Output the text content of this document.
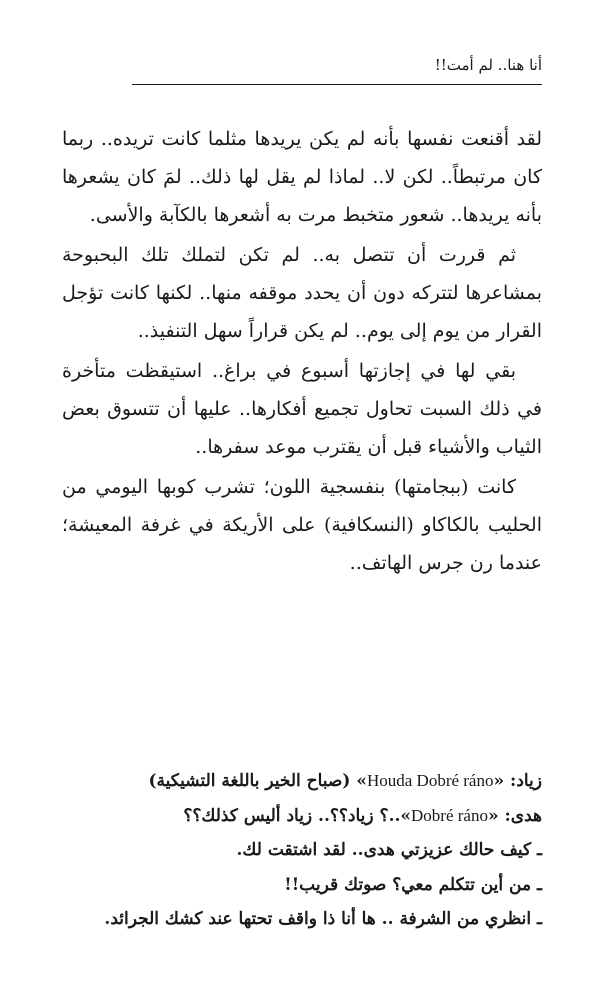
أنا هنا.. لم أمت!!

لقد أقنعت نفسها بأنه لم يكن يريدها مثلما كانت تريده.. ربما كان مرتبطاً.. لكن لا.. لماذا لم يقل لها ذلك.. لمَ كان يشعرها بأنه يريدها.. شعور متخبط مرت به أشعرها بالكآبة والأسى.

ثم قررت أن تتصل به.. لم تكن لتملك تلك البحبوحة بمشاعرها لتتركه دون أن يحدد موقفه منها.. لكنها كانت تؤجل القرار من يوم إلى يوم.. لم يكن قراراً سهل التنفيذ..

بقي لها في إجازتها أسبوع في براغ.. استيقظت متأخرة في ذلك السبت تحاول تجميع أفكارها.. عليها أن تتسوق بعض الثياب والأشياء قبل أن يقترب موعد سفرها..

كانت (ببجامتها) بنفسجية اللون؛ تشرب كوبها اليومي من الحليب بالكاكاو (النسكافية) على الأريكة في غرفة المعيشة؛ عندما رن جرس الهاتف..

زياد: «Houda Dobré ráno» (صباح الخير باللغة التشيكية)
هدى: «Dobré ráno»..؟ زياد؟؟.. زياد أليس كذلك؟؟
ـ كيف حالك عزيزتي هدى.. لقد اشتقت لك.
ـ من أين تتكلم معي؟ صوتك قريب!!
ـ انظري من الشرفة .. ها أنا ذا واقف تحتها عند كشك الجرائد.
